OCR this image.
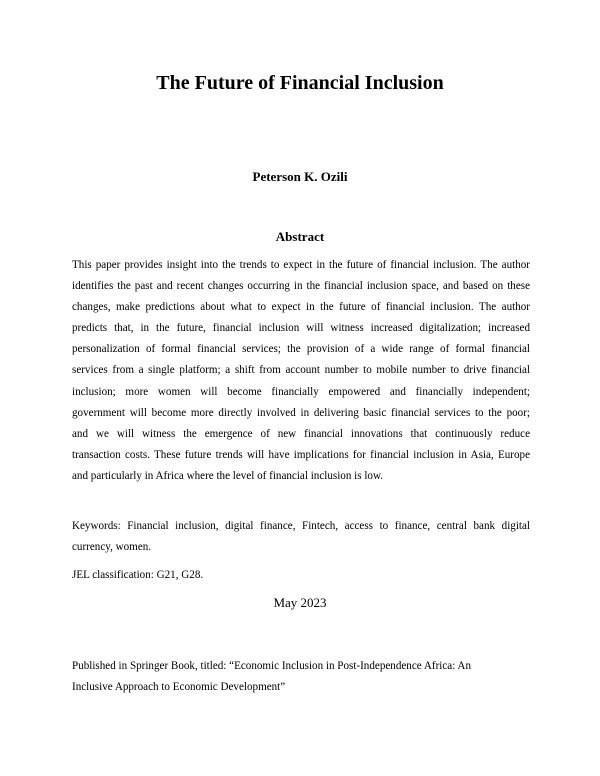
The Future of Financial Inclusion
Peterson K. Ozili
Abstract
This paper provides insight into the trends to expect in the future of financial inclusion. The author
identifies the past and recent changes occurring in the financial inclusion space, and based on these
changes, make predictions about what to expect in the future of financial inclusion. The author
predicts that, in the future, financial inclusion will witness increased digitalization; increased
personalization of formal financial services; the provision of a wide range of formal financial
services from a single platform; a shift from account number to mobile number to drive financial
inclusion; more women will become financially empowered and financially independent;
government will become more directly involved in delivering basic financial services to the poor;
and we will witness the emergence of new financial innovations that continuously reduce
transaction costs. These future trends will have implications for financial inclusion in Asia, Europe
and particularly in Africa where the level of financial inclusion is low.
Keywords: Financial inclusion, digital finance, Fintech, access to finance, central bank digital
currency, women.
JEL classification: G21, G28.
May 2023
Published in Springer Book, titled: “Economic Inclusion in Post-Independence Africa: An
Inclusive Approach to Economic Development”
